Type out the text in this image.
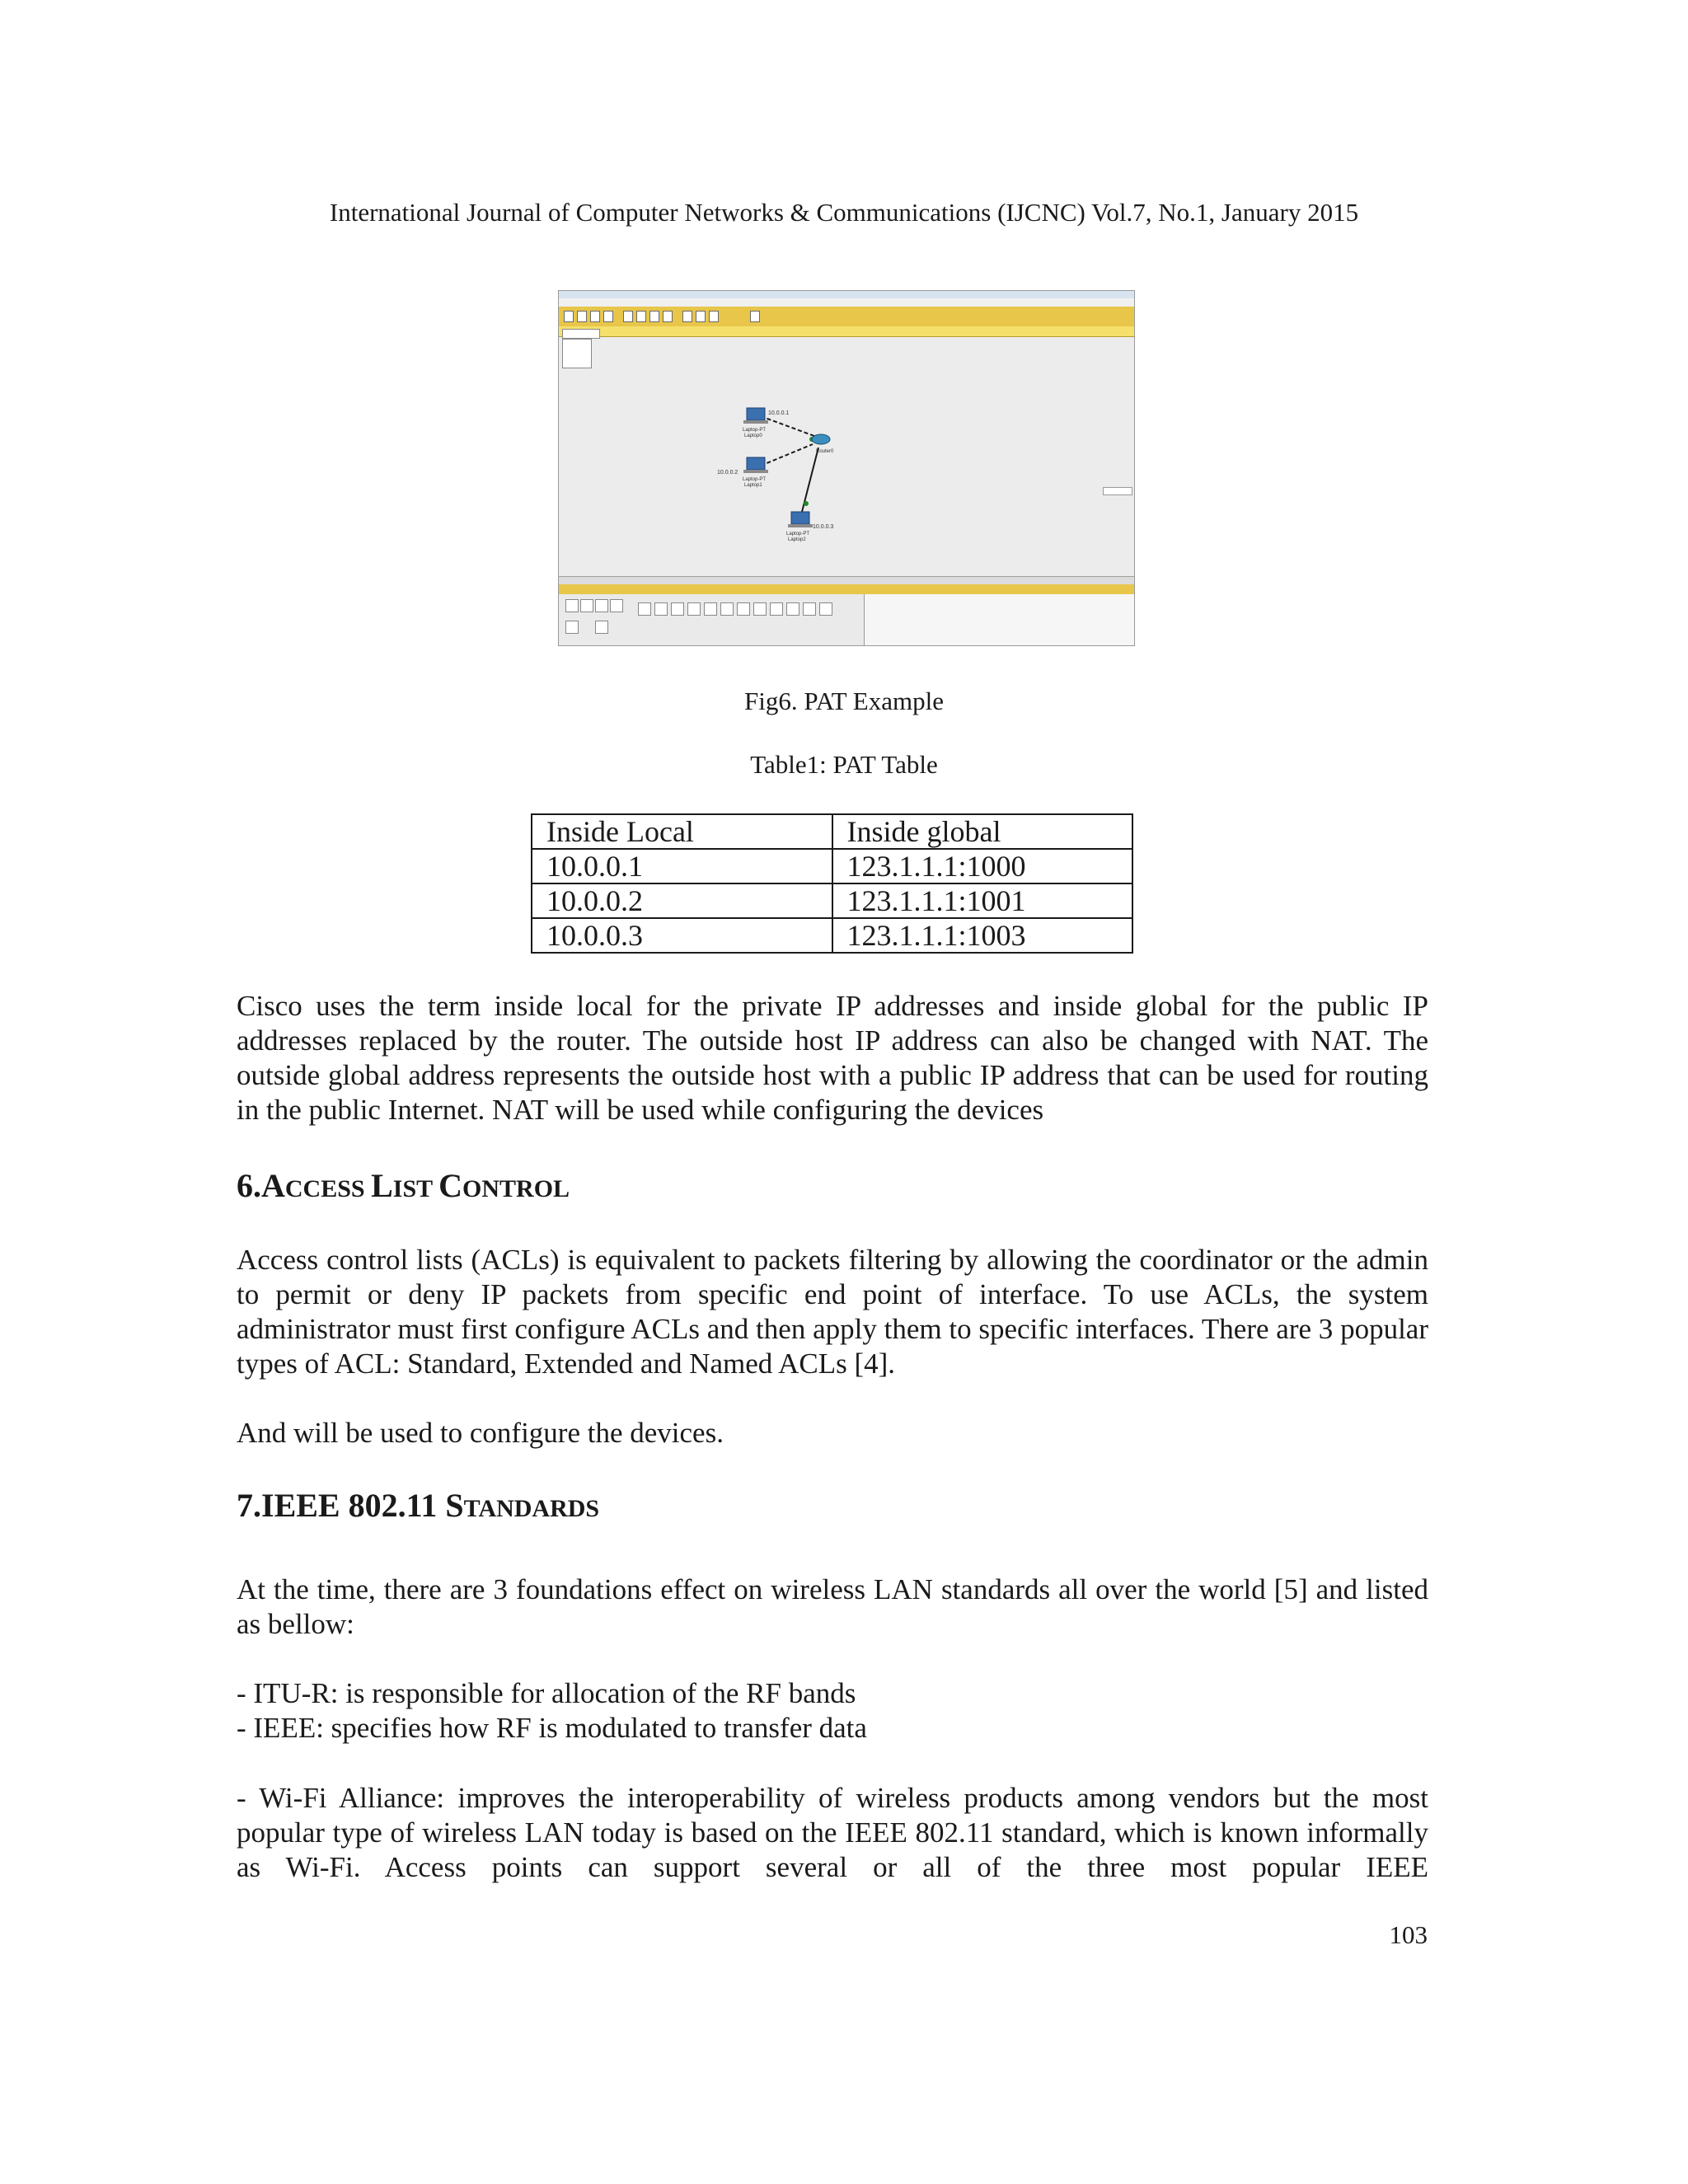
International Journal of Computer Networks & Communications (IJCNC) Vol.7, No.1, January 2015
10.0.0.1
Laptop-PT
Laptop0
10.0.0.2
Laptop-PT
Laptop1
10.0.0.3
Laptop-PT
Laptop2
Router0
Fig6. PAT Example
Table1: PAT Table
Inside Local	Inside global
10.0.0.1	123.1.1.1:1000
10.0.0.2	123.1.1.1:1001
10.0.0.3	123.1.1.1:1003
Cisco uses the term inside local for the private IP addresses and inside global for the public IP addresses replaced by the router. The outside host IP address can also be changed with NAT. The outside global address represents the outside host with a public IP address that can be used for routing in the public Internet. NAT will be used while configuring the devices
6.ACCESS LIST CONTROL
Access control lists (ACLs) is equivalent to packets filtering by allowing the coordinator or the admin to permit or deny IP packets from specific end point of interface. To use ACLs, the system administrator must first configure ACLs and then apply them to specific interfaces. There are 3 popular types of ACL: Standard, Extended and Named ACLs [4].
And will be used to configure the devices.
7.IEEE 802.11 STANDARDS
At the time, there are 3 foundations effect on wireless LAN standards all over the world [5] and listed as bellow:
- ITU-R: is responsible for allocation of the RF bands
- IEEE: specifies how RF is modulated to transfer data
- Wi-Fi Alliance: improves the interoperability of wireless products among vendors but the most popular type of wireless LAN today is based on the IEEE 802.11 standard, which is known informally as Wi-Fi. Access points can support several or all of the three most popular IEEE
103
